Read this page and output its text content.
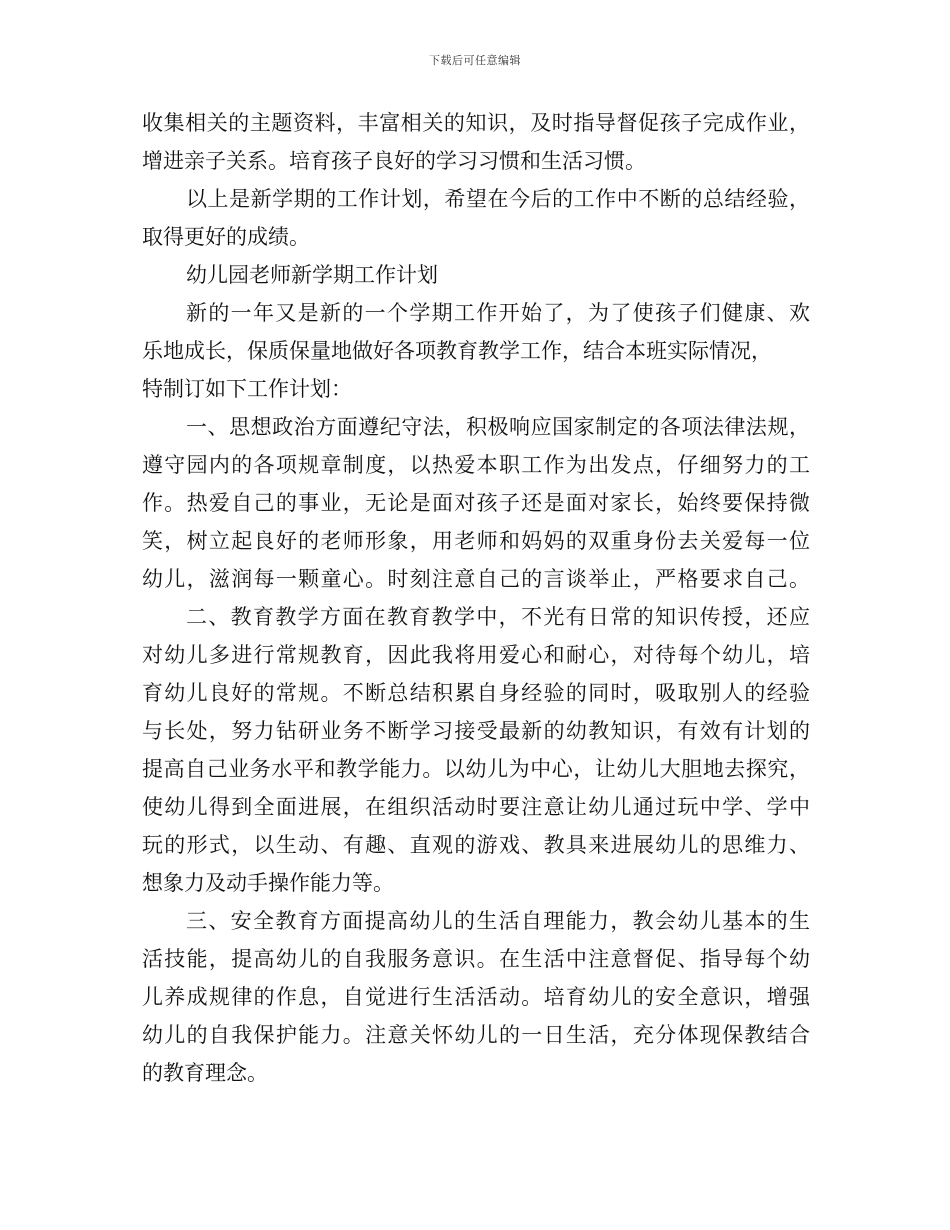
下载后可任意编辑
收集相关的主题资料，丰富相关的知识，及时指导督促孩子完成作业，
增进亲子关系。培育孩子良好的学习习惯和生活习惯。
以上是新学期的工作计划，希望在今后的工作中不断的总结经验，
取得更好的成绩。
幼儿园老师新学期工作计划
新的一年又是新的一个学期工作开始了，为了使孩子们健康、欢
乐地成长，保质保量地做好各项教育教学工作，结合本班实际情况，
特制订如下工作计划：
一、思想政治方面遵纪守法，积极响应国家制定的各项法律法规，
遵守园内的各项规章制度，以热爱本职工作为出发点，仔细努力的工
作。热爱自己的事业，无论是面对孩子还是面对家长，始终要保持微
笑，树立起良好的老师形象，用老师和妈妈的双重身份去关爱每一位
幼儿，滋润每一颗童心。时刻注意自己的言谈举止，严格要求自己。
二、教育教学方面在教育教学中，不光有日常的知识传授，还应
对幼儿多进行常规教育，因此我将用爱心和耐心，对待每个幼儿，培
育幼儿良好的常规。不断总结积累自身经验的同时，吸取别人的经验
与长处，努力钻研业务不断学习接受最新的幼教知识，有效有计划的
提高自己业务水平和教学能力。以幼儿为中心，让幼儿大胆地去探究，
使幼儿得到全面进展，在组织活动时要注意让幼儿通过玩中学、学中
玩的形式，以生动、有趣、直观的游戏、教具来进展幼儿的思维力、
想象力及动手操作能力等。
三、安全教育方面提高幼儿的生活自理能力，教会幼儿基本的生
活技能，提高幼儿的自我服务意识。在生活中注意督促、指导每个幼
儿养成规律的作息，自觉进行生活活动。培育幼儿的安全意识，增强
幼儿的自我保护能力。注意关怀幼儿的一日生活，充分体现保教结合
的教育理念。
